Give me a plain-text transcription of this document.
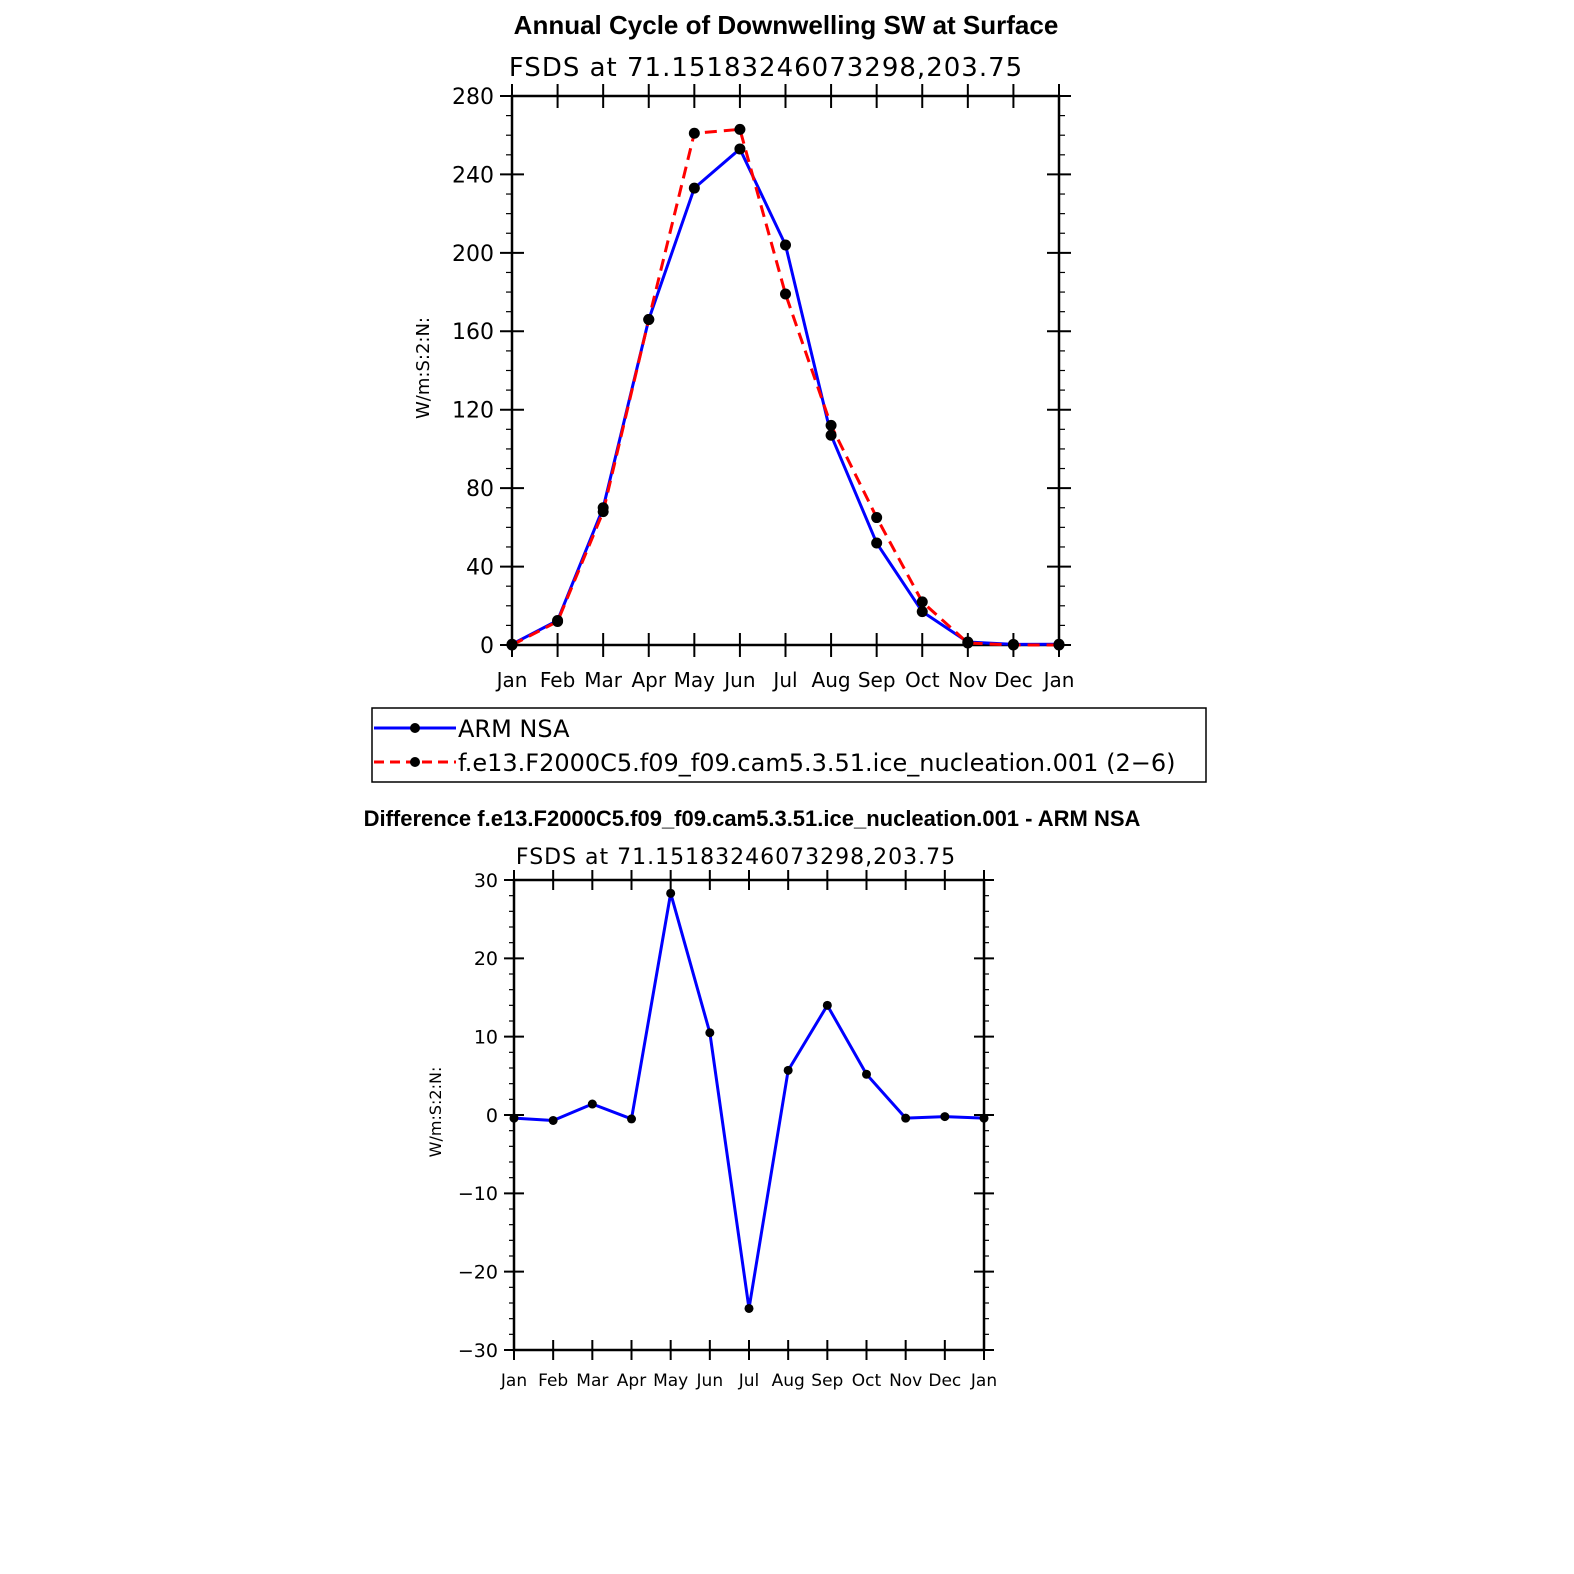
Annual Cycle of Downwelling SW at Surface
FSDS at 71.15183246073298,203.75
W/m:S:2:N:
0
40
80
120
160
200
240
280
Jan Feb Mar Apr May Jun Jul Aug Sep Oct Nov Dec Jan
ARM NSA
f.e13.F2000C5.f09_f09.cam5.3.51.ice_nucleation.001 (2−6)
Difference f.e13.F2000C5.f09_f09.cam5.3.51.ice_nucleation.001 - ARM NSA
FSDS at 71.15183246073298,203.75
W/m:S:2:N:
−30
−20
−10
0
10
20
30
Jan Feb Mar Apr May Jun Jul Aug Sep Oct Nov Dec Jan
